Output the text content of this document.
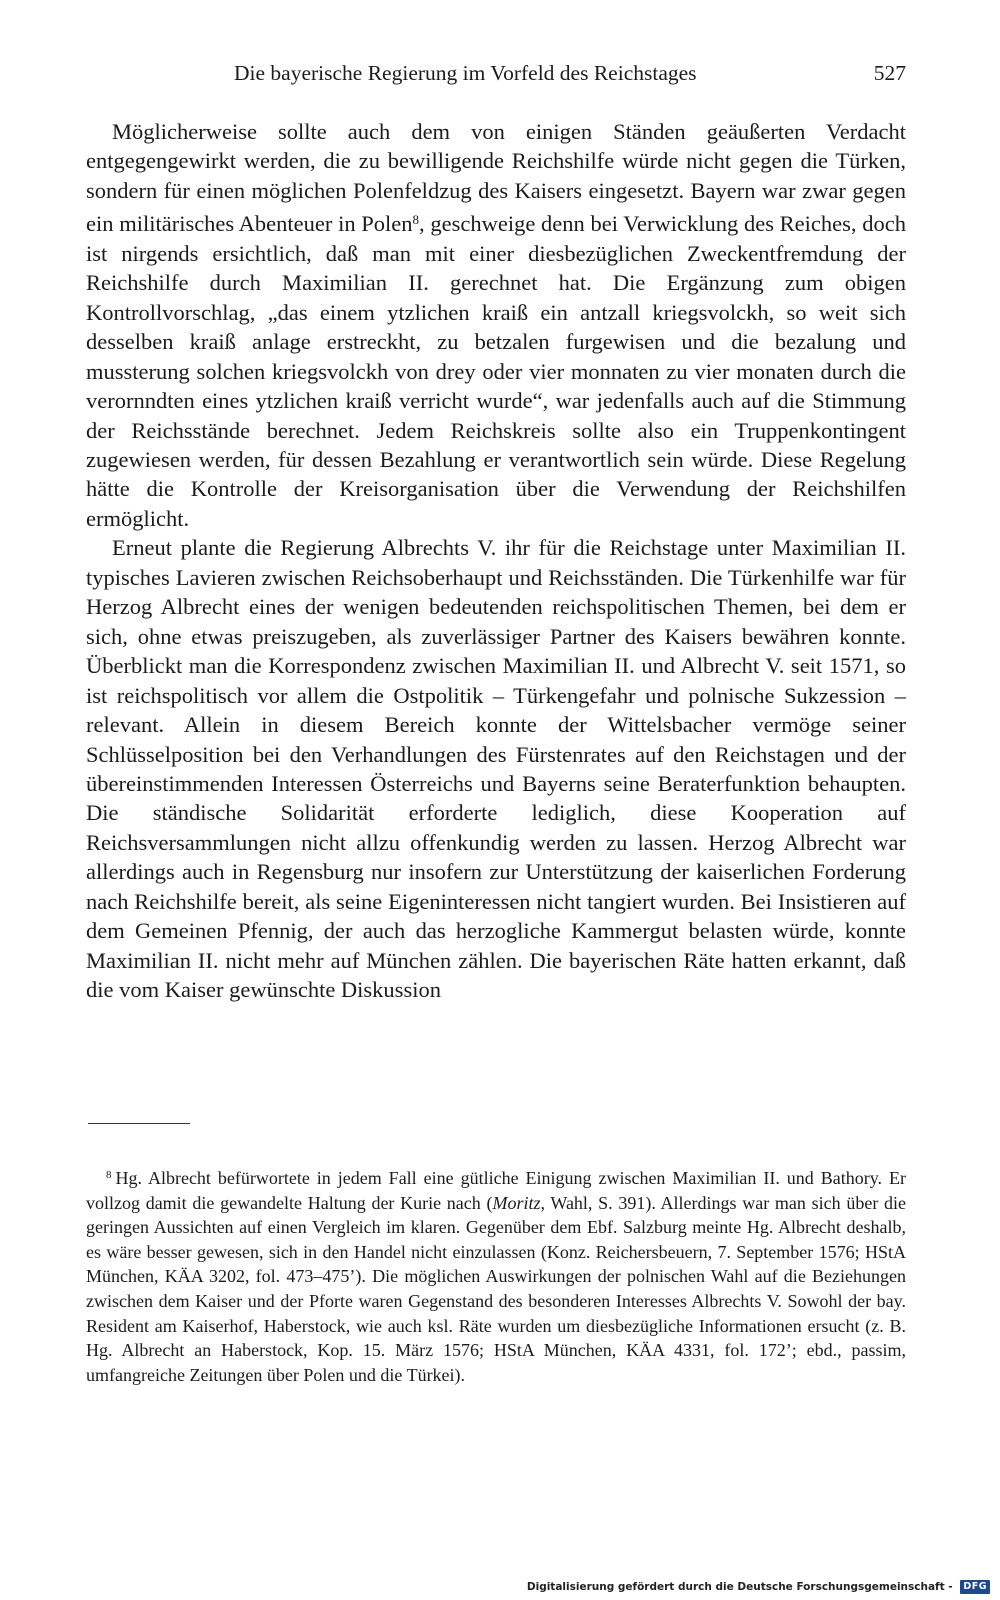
Die bayerische Regierung im Vorfeld des Reichstages	527

Möglicherweise sollte auch dem von einigen Ständen geäußerten Verdacht entgegengewirkt werden, die zu bewilligende Reichshilfe würde nicht gegen die Türken, sondern für einen möglichen Polenfeldzug des Kaisers eingesetzt. Bayern war zwar gegen ein militärisches Abenteuer in Polen$^8$, geschweige denn bei Verwicklung des Reiches, doch ist nirgends ersichtlich, daß man mit einer diesbezüglichen Zweckentfremdung der Reichshilfe durch Maximilian II. gerechnet hat. Die Ergänzung zum obigen Kontrollvorschlag, „das einem ytzlichen kraiß ein antzall kriegsvolckh, so weit sich desselben kraiß anlage erstreckht, zu betzalen furgewisen und die bezalung und mussterung solchen kriegsvolckh von drey oder vier monnaten zu vier monaten durch die verornndten eines ytzlichen kraiß verricht wurde“, war jedenfalls auch auf die Stimmung der Reichsstände berechnet. Jedem Reichskreis sollte also ein Truppenkontingent zugewiesen werden, für dessen Bezahlung er verantwortlich sein würde. Diese Regelung hätte die Kontrolle der Kreisorganisation über die Verwendung der Reichshilfen ermöglicht.

Erneut plante die Regierung Albrechts V. ihr für die Reichstage unter Maximilian II. typisches Lavieren zwischen Reichsoberhaupt und Reichsständen. Die Türkenhilfe war für Herzog Albrecht eines der wenigen bedeutenden reichspolitischen Themen, bei dem er sich, ohne etwas preiszugeben, als zuverlässiger Partner des Kaisers bewähren konnte. Überblickt man die Korrespondenz zwischen Maximilian II. und Albrecht V. seit 1571, so ist reichspolitisch vor allem die Ostpolitik – Türkengefahr und polnische Sukzession – relevant. Allein in diesem Bereich konnte der Wittelsbacher vermöge seiner Schlüsselposition bei den Verhandlungen des Fürstenrates auf den Reichstagen und der übereinstimmenden Interessen Österreichs und Bayerns seine Beraterfunktion behaupten. Die ständische Solidarität erforderte lediglich, diese Kooperation auf Reichsversammlungen nicht allzu offenkundig werden zu lassen. Herzog Albrecht war allerdings auch in Regensburg nur insofern zur Unterstützung der kaiserlichen Forderung nach Reichshilfe bereit, als seine Eigeninteressen nicht tangiert wurden. Bei Insistieren auf dem Gemeinen Pfennig, der auch das herzogliche Kammergut belasten würde, konnte Maximilian II. nicht mehr auf München zählen. Die bayerischen Räte hatten erkannt, daß die vom Kaiser gewünschte Diskussion

$^8$ Hg. Albrecht befürwortete in jedem Fall eine gütliche Einigung zwischen Maximilian II. und Bathory. Er vollzog damit die gewandelte Haltung der Kurie nach (Moritz, Wahl, S. 391). Allerdings war man sich über die geringen Aussichten auf einen Vergleich im klaren. Gegenüber dem Ebf. Salzburg meinte Hg. Albrecht deshalb, es wäre besser gewesen, sich in den Handel nicht einzulassen (Konz. Reichersbeuern, 7. September 1576; HStA München, KÄA 3202, fol. 473–475’). Die möglichen Auswirkungen der polnischen Wahl auf die Beziehungen zwischen dem Kaiser und der Pforte waren Gegenstand des besonderen Interesses Albrechts V. Sowohl der bay. Resident am Kaiserhof, Haberstock, wie auch ksl. Räte wurden um diesbezügliche Informationen ersucht (z. B. Hg. Albrecht an Haberstock, Kop. 15. März 1576; HStA München, KÄA 4331, fol. 172’; ebd., passim, umfangreiche Zeitungen über Polen und die Türkei).

Digitalisierung gefördert durch die Deutsche Forschungsgemeinschaft - DFG
